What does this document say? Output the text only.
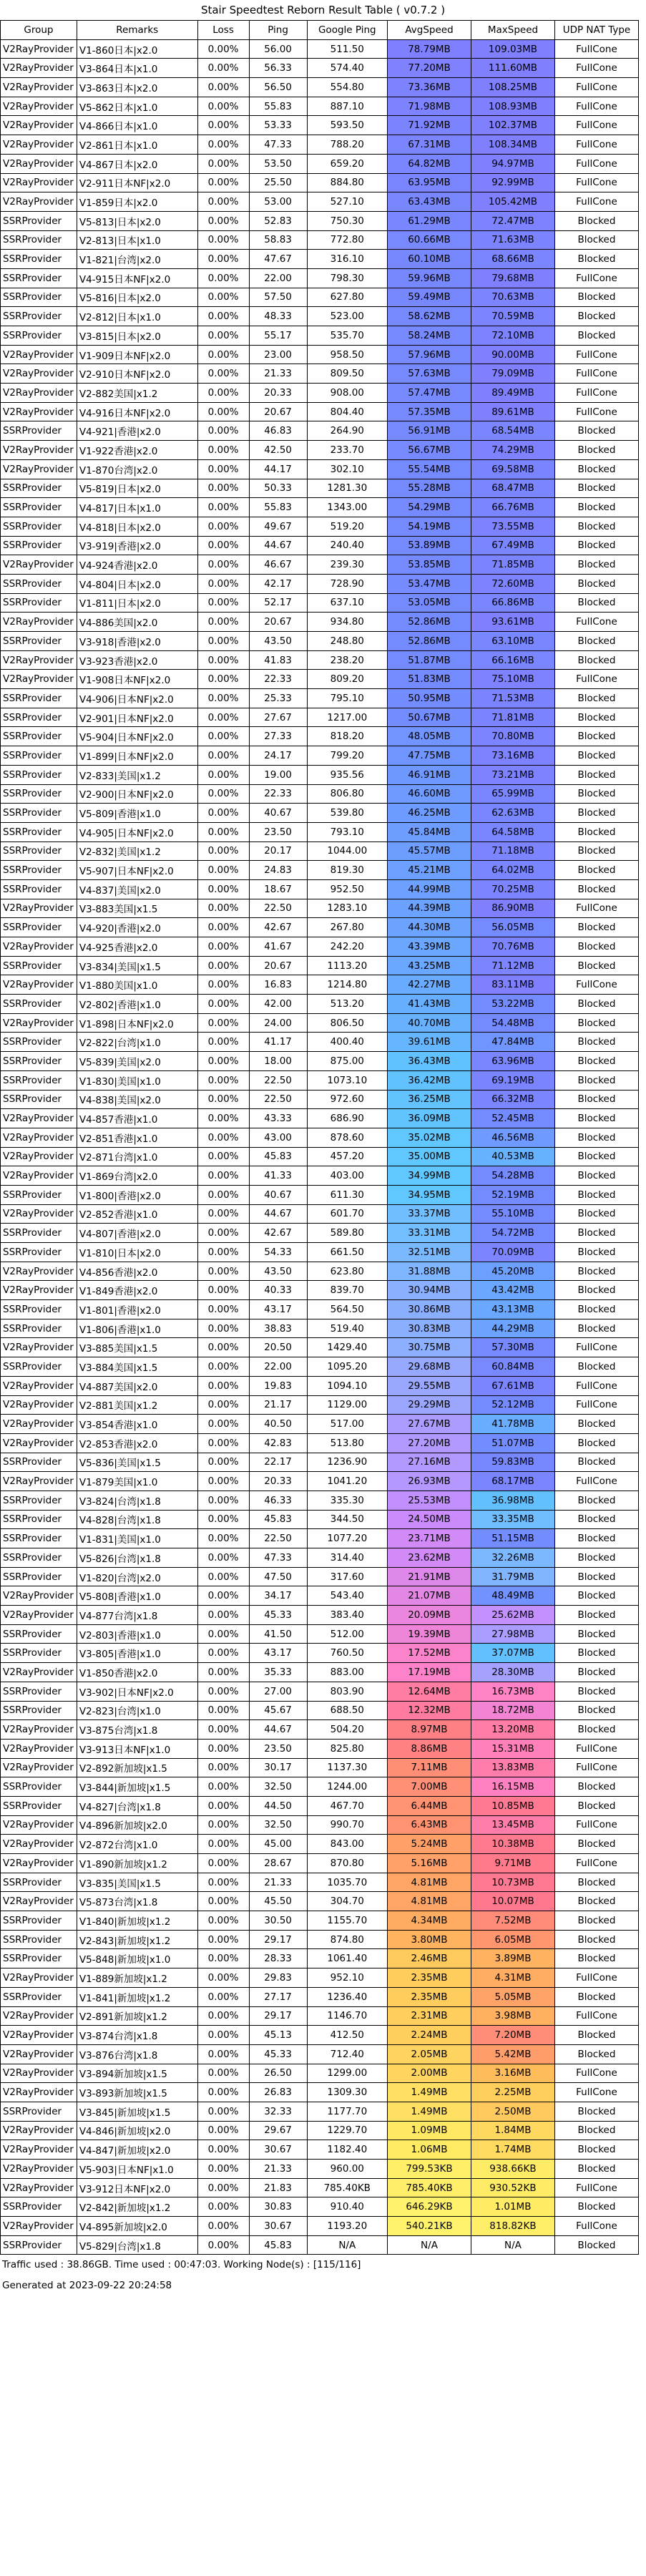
Stair Speedtest Reborn Result Table ( v0.7.2 )
Group	Remarks	Loss	Ping	Google Ping	AvgSpeed	MaxSpeed	UDP NAT Type
V2RayProvider	V1-860日本|x2.0	0.00%	56.00	511.50	78.79MB	109.03MB	FullCone
V2RayProvider	V3-864日本|x1.0	0.00%	56.33	574.40	77.20MB	111.60MB	FullCone
V2RayProvider	V3-863日本|x2.0	0.00%	56.50	554.80	73.36MB	108.25MB	FullCone
V2RayProvider	V5-862日本|x1.0	0.00%	55.83	887.10	71.98MB	108.93MB	FullCone
V2RayProvider	V4-866日本|x1.0	0.00%	53.33	593.50	71.92MB	102.37MB	FullCone
V2RayProvider	V2-861日本|x1.0	0.00%	47.33	788.20	67.31MB	108.34MB	FullCone
V2RayProvider	V4-867日本|x2.0	0.00%	53.50	659.20	64.82MB	94.97MB	FullCone
V2RayProvider	V2-911日本NF|x2.0	0.00%	25.50	884.80	63.95MB	92.99MB	FullCone
V2RayProvider	V1-859日本|x2.0	0.00%	53.00	527.10	63.43MB	105.42MB	FullCone
SSRProvider	V5-813|日本|x2.0	0.00%	52.83	750.30	61.29MB	72.47MB	Blocked
SSRProvider	V2-813|日本|x1.0	0.00%	58.83	772.80	60.66MB	71.63MB	Blocked
SSRProvider	V1-821|台湾|x2.0	0.00%	47.67	316.10	60.10MB	68.66MB	Blocked
SSRProvider	V4-915日本NF|x2.0	0.00%	22.00	798.30	59.96MB	79.68MB	FullCone
SSRProvider	V5-816|日本|x2.0	0.00%	57.50	627.80	59.49MB	70.63MB	Blocked
SSRProvider	V2-812|日本|x1.0	0.00%	48.33	523.00	58.62MB	70.59MB	Blocked
SSRProvider	V3-815|日本|x2.0	0.00%	55.17	535.70	58.24MB	72.10MB	Blocked
V2RayProvider	V1-909日本NF|x2.0	0.00%	23.00	958.50	57.96MB	90.00MB	FullCone
V2RayProvider	V2-910日本NF|x2.0	0.00%	21.33	809.50	57.63MB	79.09MB	FullCone
V2RayProvider	V2-882美国|x1.2	0.00%	20.33	908.00	57.47MB	89.49MB	FullCone
V2RayProvider	V4-916日本NF|x2.0	0.00%	20.67	804.40	57.35MB	89.61MB	FullCone
SSRProvider	V4-921|香港|x2.0	0.00%	46.83	264.90	56.91MB	68.54MB	Blocked
V2RayProvider	V1-922香港|x2.0	0.00%	42.50	233.70	56.67MB	74.29MB	Blocked
V2RayProvider	V1-870台湾|x2.0	0.00%	44.17	302.10	55.54MB	69.58MB	Blocked
SSRProvider	V5-819|日本|x2.0	0.00%	50.33	1281.30	55.28MB	68.47MB	Blocked
SSRProvider	V4-817|日本|x1.0	0.00%	55.83	1343.00	54.29MB	66.76MB	Blocked
SSRProvider	V4-818|日本|x2.0	0.00%	49.67	519.20	54.19MB	73.55MB	Blocked
SSRProvider	V3-919|香港|x2.0	0.00%	44.67	240.40	53.89MB	67.49MB	Blocked
V2RayProvider	V4-924香港|x2.0	0.00%	46.67	239.30	53.85MB	71.85MB	Blocked
SSRProvider	V4-804|日本|x2.0	0.00%	42.17	728.90	53.47MB	72.60MB	Blocked
SSRProvider	V1-811|日本|x2.0	0.00%	52.17	637.10	53.05MB	66.86MB	Blocked
V2RayProvider	V4-886美国|x2.0	0.00%	20.67	934.80	52.86MB	93.61MB	FullCone
SSRProvider	V3-918|香港|x2.0	0.00%	43.50	248.80	52.86MB	63.10MB	Blocked
V2RayProvider	V3-923香港|x2.0	0.00%	41.83	238.20	51.87MB	66.16MB	Blocked
V2RayProvider	V1-908日本NF|x2.0	0.00%	22.33	809.20	51.83MB	75.10MB	FullCone
SSRProvider	V4-906|日本NF|x2.0	0.00%	25.33	795.10	50.95MB	71.53MB	Blocked
SSRProvider	V2-901|日本NF|x2.0	0.00%	27.67	1217.00	50.67MB	71.81MB	Blocked
SSRProvider	V5-904|日本NF|x2.0	0.00%	27.33	818.20	48.05MB	70.80MB	Blocked
SSRProvider	V1-899|日本NF|x2.0	0.00%	24.17	799.20	47.75MB	73.16MB	Blocked
SSRProvider	V2-833|美国|x1.2	0.00%	19.00	935.56	46.91MB	73.21MB	Blocked
SSRProvider	V2-900|日本NF|x2.0	0.00%	22.33	806.80	46.60MB	65.99MB	Blocked
SSRProvider	V5-809|香港|x1.0	0.00%	40.67	539.80	46.25MB	62.63MB	Blocked
SSRProvider	V4-905|日本NF|x2.0	0.00%	23.50	793.10	45.84MB	64.58MB	Blocked
SSRProvider	V2-832|美国|x1.2	0.00%	20.17	1044.00	45.57MB	71.18MB	Blocked
SSRProvider	V5-907|日本NF|x2.0	0.00%	24.83	819.30	45.21MB	64.02MB	Blocked
SSRProvider	V4-837|美国|x2.0	0.00%	18.67	952.50	44.99MB	70.25MB	Blocked
V2RayProvider	V3-883美国|x1.5	0.00%	22.50	1283.10	44.39MB	86.90MB	FullCone
SSRProvider	V4-920|香港|x2.0	0.00%	42.67	267.80	44.30MB	56.05MB	Blocked
V2RayProvider	V4-925香港|x2.0	0.00%	41.67	242.20	43.39MB	70.76MB	Blocked
SSRProvider	V3-834|美国|x1.5	0.00%	20.67	1113.20	43.25MB	71.12MB	Blocked
V2RayProvider	V1-880美国|x1.0	0.00%	16.83	1214.80	42.27MB	83.11MB	FullCone
SSRProvider	V2-802|香港|x1.0	0.00%	42.00	513.20	41.43MB	53.22MB	Blocked
V2RayProvider	V1-898|日本NF|x2.0	0.00%	24.00	806.50	40.70MB	54.48MB	Blocked
SSRProvider	V2-822|台湾|x1.0	0.00%	41.17	400.40	39.61MB	47.84MB	Blocked
SSRProvider	V5-839|美国|x2.0	0.00%	18.00	875.00	36.43MB	63.96MB	Blocked
SSRProvider	V1-830|美国|x1.0	0.00%	22.50	1073.10	36.42MB	69.19MB	Blocked
SSRProvider	V4-838|美国|x2.0	0.00%	22.50	972.60	36.25MB	66.32MB	Blocked
V2RayProvider	V4-857香港|x1.0	0.00%	43.33	686.90	36.09MB	52.45MB	Blocked
V2RayProvider	V2-851香港|x1.0	0.00%	43.00	878.60	35.02MB	46.56MB	Blocked
V2RayProvider	V2-871台湾|x1.0	0.00%	45.83	457.20	35.00MB	40.53MB	Blocked
V2RayProvider	V1-869台湾|x2.0	0.00%	41.33	403.00	34.99MB	54.28MB	Blocked
SSRProvider	V1-800|香港|x2.0	0.00%	40.67	611.30	34.95MB	52.19MB	Blocked
V2RayProvider	V2-852香港|x1.0	0.00%	44.67	601.70	33.37MB	55.10MB	Blocked
SSRProvider	V4-807|香港|x2.0	0.00%	42.67	589.80	33.31MB	54.72MB	Blocked
SSRProvider	V1-810|日本|x2.0	0.00%	54.33	661.50	32.51MB	70.09MB	Blocked
V2RayProvider	V4-856香港|x2.0	0.00%	43.50	623.80	31.88MB	45.20MB	Blocked
V2RayProvider	V1-849香港|x2.0	0.00%	40.33	839.70	30.94MB	43.42MB	Blocked
SSRProvider	V1-801|香港|x2.0	0.00%	43.17	564.50	30.86MB	43.13MB	Blocked
SSRProvider	V1-806|香港|x1.0	0.00%	38.83	519.40	30.83MB	44.29MB	Blocked
V2RayProvider	V3-885美国|x1.5	0.00%	20.50	1429.40	30.75MB	57.30MB	FullCone
SSRProvider	V3-884美国|x1.5	0.00%	22.00	1095.20	29.68MB	60.84MB	Blocked
V2RayProvider	V4-887美国|x2.0	0.00%	19.83	1094.10	29.55MB	67.61MB	FullCone
V2RayProvider	V2-881美国|x1.2	0.00%	21.17	1129.00	29.29MB	52.12MB	FullCone
V2RayProvider	V3-854香港|x1.0	0.00%	40.50	517.00	27.67MB	41.78MB	Blocked
V2RayProvider	V2-853香港|x2.0	0.00%	42.83	513.80	27.20MB	51.07MB	Blocked
SSRProvider	V5-836|美国|x1.5	0.00%	22.17	1236.90	27.16MB	59.83MB	Blocked
V2RayProvider	V1-879美国|x1.0	0.00%	20.33	1041.20	26.93MB	68.17MB	FullCone
SSRProvider	V3-824|台湾|x1.8	0.00%	46.33	335.30	25.53MB	36.98MB	Blocked
SSRProvider	V4-828|台湾|x1.8	0.00%	45.83	344.50	24.50MB	33.35MB	Blocked
SSRProvider	V1-831|美国|x1.0	0.00%	22.50	1077.20	23.71MB	51.15MB	Blocked
SSRProvider	V5-826|台湾|x1.8	0.00%	47.33	314.40	23.62MB	32.26MB	Blocked
SSRProvider	V1-820|台湾|x2.0	0.00%	47.50	317.60	21.91MB	31.79MB	Blocked
V2RayProvider	V5-808|香港|x1.0	0.00%	34.17	543.40	21.07MB	48.49MB	Blocked
V2RayProvider	V4-877台湾|x1.8	0.00%	45.33	383.40	20.09MB	25.62MB	Blocked
SSRProvider	V2-803|香港|x1.0	0.00%	41.50	512.00	19.39MB	27.98MB	Blocked
SSRProvider	V3-805|香港|x1.0	0.00%	43.17	760.50	17.52MB	37.07MB	Blocked
V2RayProvider	V1-850香港|x2.0	0.00%	35.33	883.00	17.19MB	28.30MB	Blocked
SSRProvider	V3-902|日本NF|x2.0	0.00%	27.00	803.90	12.64MB	16.73MB	Blocked
SSRProvider	V2-823|台湾|x1.0	0.00%	45.67	688.50	12.32MB	18.72MB	Blocked
V2RayProvider	V3-875台湾|x1.8	0.00%	44.67	504.20	8.97MB	13.20MB	Blocked
V2RayProvider	V3-913日本NF|x1.0	0.00%	23.50	825.80	8.86MB	15.31MB	FullCone
V2RayProvider	V2-892新加坡|x1.5	0.00%	30.17	1137.30	7.11MB	13.83MB	FullCone
SSRProvider	V3-844|新加坡|x1.5	0.00%	32.50	1244.00	7.00MB	16.15MB	Blocked
SSRProvider	V4-827|台湾|x1.8	0.00%	44.50	467.70	6.44MB	10.85MB	Blocked
V2RayProvider	V4-896新加坡|x2.0	0.00%	32.50	990.70	6.43MB	13.45MB	FullCone
V2RayProvider	V2-872台湾|x1.0	0.00%	45.00	843.00	5.24MB	10.38MB	Blocked
V2RayProvider	V1-890新加坡|x1.2	0.00%	28.67	870.80	5.16MB	9.71MB	FullCone
SSRProvider	V3-835|美国|x1.5	0.00%	21.33	1035.70	4.81MB	10.73MB	Blocked
V2RayProvider	V5-873台湾|x1.8	0.00%	45.50	304.70	4.81MB	10.07MB	Blocked
SSRProvider	V1-840|新加坡|x1.2	0.00%	30.50	1155.70	4.34MB	7.52MB	Blocked
SSRProvider	V2-843|新加坡|x1.2	0.00%	29.17	874.80	3.80MB	6.05MB	Blocked
SSRProvider	V5-848|新加坡|x1.0	0.00%	28.33	1061.40	2.46MB	3.89MB	Blocked
V2RayProvider	V1-889新加坡|x1.2	0.00%	29.83	952.10	2.35MB	4.31MB	FullCone
SSRProvider	V1-841|新加坡|x1.2	0.00%	27.17	1236.40	2.35MB	5.05MB	Blocked
V2RayProvider	V2-891新加坡|x1.2	0.00%	29.17	1146.70	2.31MB	3.98MB	FullCone
V2RayProvider	V3-874台湾|x1.8	0.00%	45.13	412.50	2.24MB	7.20MB	Blocked
V2RayProvider	V3-876台湾|x1.8	0.00%	45.33	712.40	2.05MB	5.42MB	Blocked
V2RayProvider	V3-894新加坡|x1.5	0.00%	26.50	1299.00	2.00MB	3.16MB	FullCone
V2RayProvider	V3-893新加坡|x1.5	0.00%	26.83	1309.30	1.49MB	2.25MB	FullCone
SSRProvider	V3-845|新加坡|x1.5	0.00%	32.33	1177.70	1.49MB	2.50MB	Blocked
V2RayProvider	V4-846|新加坡|x2.0	0.00%	29.67	1229.70	1.09MB	1.84MB	Blocked
V2RayProvider	V4-847|新加坡|x2.0	0.00%	30.67	1182.40	1.06MB	1.74MB	Blocked
V2RayProvider	V5-903|日本NF|x1.0	0.00%	21.33	960.00	799.53KB	938.66KB	Blocked
V2RayProvider	V3-912日本NF|x2.0	0.00%	21.83	785.40KB	785.40KB	930.52KB	FullCone
SSRProvider	V2-842|新加坡|x1.2	0.00%	30.83	910.40	646.29KB	1.01MB	Blocked
V2RayProvider	V4-895新加坡|x2.0	0.00%	30.67	1193.20	540.21KB	818.82KB	FullCone
SSRProvider	V5-829|台湾|x1.8	0.00%	45.83	N/A	N/A	N/A	Blocked
Traffic used : 38.86GB. Time used : 00:47:03. Working Node(s) : [115/116]
Generated at 2023-09-22 20:24:58
